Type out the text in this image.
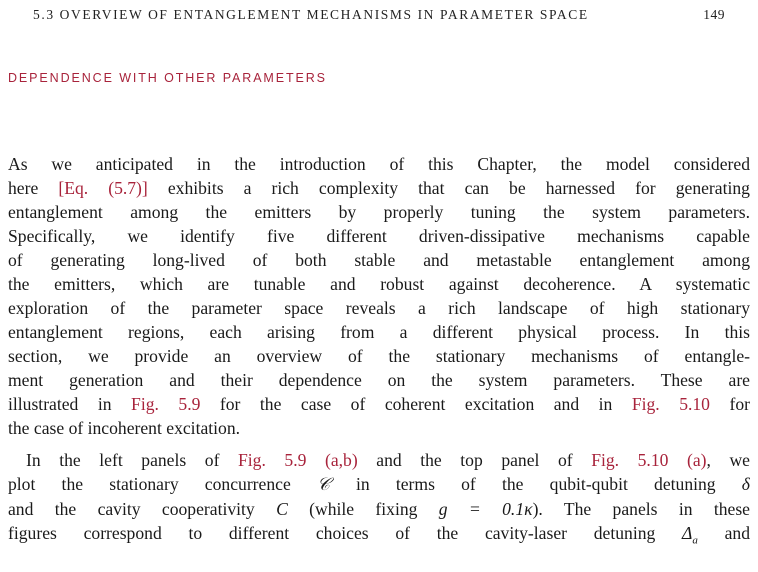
5.3 OVERVIEW OF ENTANGLEMENT MECHANISMS IN PARAMETER SPACE	149
DEPENDENCE WITH OTHER PARAMETERS
As we anticipated in the introduction of this Chapter, the model considered
here [Eq. (5.7)] exhibits a rich complexity that can be harnessed for generating
entanglement among the emitters by properly tuning the system parameters.
Specifically, we identify five different driven-dissipative mechanisms capable
of generating long-lived of both stable and metastable entanglement among
the emitters, which are tunable and robust against decoherence. A systematic
exploration of the parameter space reveals a rich landscape of high stationary
entanglement regions, each arising from a different physical process. In this
section, we provide an overview of the stationary mechanisms of entangle-
ment generation and their dependence on the system parameters. These are
illustrated in Fig. 5.9 for the case of coherent excitation and in Fig. 5.10 for
the case of incoherent excitation.
In the left panels of Fig. 5.9 (a,b) and the top panel of Fig. 5.10 (a), we
plot the stationary concurrence 𝒞 in terms of the qubit-qubit detuning δ
and the cavity cooperativity C (while fixing g = 0.1κ). The panels in these
figures correspond to different choices of the cavity-laser detuning $\Delta_a$ and
